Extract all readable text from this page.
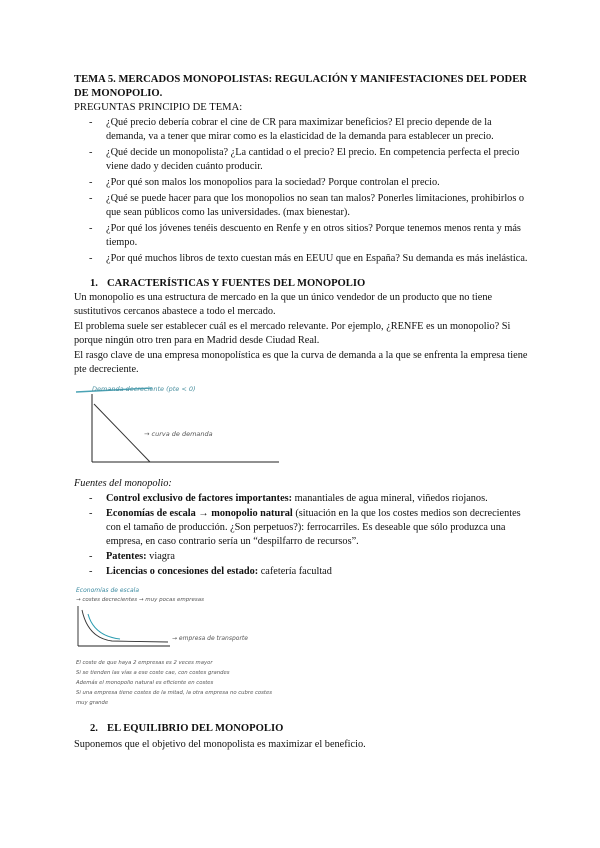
TEMA 5. MERCADOS MONOPOLISTAS: REGULACIÓN Y MANIFESTACIONES DEL PODER DE MONOPOLIO.
PREGUNTAS PRINCIPIO DE TEMA:
- ¿Qué precio debería cobrar el cine de CR para maximizar beneficios? El precio depende de la demanda, va a tener que mirar como es la elasticidad de la demanda para establecer un precio.
- ¿Qué decide un monopolista? ¿La cantidad o el precio? El precio. En competencia perfecta el precio viene dado y deciden cuánto producir.
- ¿Por qué son malos los monopolios para la sociedad? Porque controlan el precio.
- ¿Qué se puede hacer para que los monopolios no sean tan malos? Ponerles limitaciones, prohibirlos o que sean públicos como las universidades. (max bienestar).
- ¿Por qué los jóvenes tenéis descuento en Renfe y en otros sitios? Porque tenemos menos renta y más tiempo.
- ¿Por qué muchos libros de texto cuestan más en EEUU que en España? Su demanda es más inelástica.
1. CARACTERÍSTICAS Y FUENTES DEL MONOPOLIO
Un monopolio es una estructura de mercado en la que un único vendedor de un producto que no tiene sustitutivos cercanos abastece a todo el mercado.
El problema suele ser establecer cuál es el mercado relevante. Por ejemplo, ¿RENFE es un monopolio? Si porque ningún otro tren para en Madrid desde Ciudad Real.
El rasgo clave de una empresa monopolística es que la curva de demanda a la que se enfrenta la empresa tiene pte decreciente.
Demanda decreciente (pte < 0)
→ curva de demanda
Fuentes del monopolio:
- Control exclusivo de factores importantes: manantiales de agua mineral, viñedos riojanos.
- Economías de escala → monopolio natural (situación en la que los costes medios son decrecientes con el tamaño de producción. ¿Son perpetuos?): ferrocarriles. Es deseable que sólo produzca una empresa, en caso contrario sería un “despilfarro de recursos”.
- Patentes: viagra
- Licencias o concesiones del estado: cafetería facultad
Economías de escala
→ costes decrecientes → muy pocas empresas
→ empresa de transporte
El coste de que haya 2 empresas es 2 veces mayor
Si se tienden las vías a ese coste cae, con costes grandes
Además el monopolio natural es eficiente en costes
Si una empresa tiene costes de la mitad, la otra empresa no cubre costes
muy grande
2. EL EQUILIBRIO DEL MONOPOLIO
Suponemos que el objetivo del monopolista es maximizar el beneficio.
